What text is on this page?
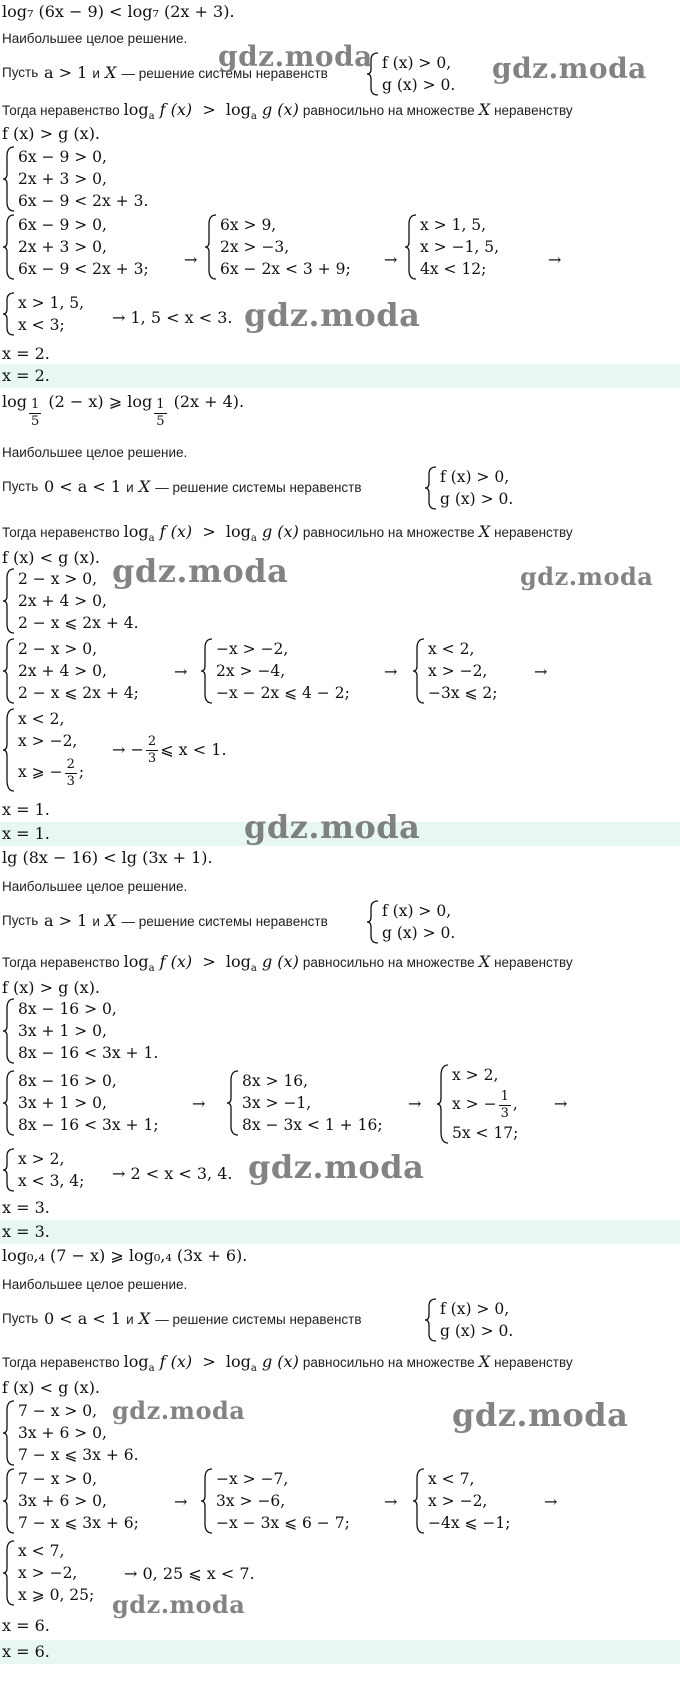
log₇ (6x − 9) < log₇ (2x + 3).
Наибольшее целое решение.
Пусть a > 1 и X — решение системы неравенств
f (x) > 0,
g (x) > 0.
Тогда неравенство $\log_a f$ $(x) > \log_a g$ (x) равносильно на множестве X неравенству
f (x) > g (x).
6x − 9 > 0,
2x + 3 > 0,
6x − 9 < 2x + 3.
6x − 9 > 0,
2x + 3 > 0,
6x − 9 < 2x + 3; →
6x > 9,
2x > −3,
6x − 2x < 3 + 9; →
x > 1, 5,
x > −1, 5,
4x < 12;	→
x > 1, 5,
x < 3;	→ 1, 5 < x < 3.
x = 2.
x = 2.
$\log \frac{1}{5} (2 - x)$ ⩾ $\log \frac{1}{5} (2x + 4)$.
Наибольшее целое решение.
Пусть 0 < a < 1 и X — решение системы неравенств
f (x) > 0,
g (x) > 0.
Тогда неравенство $\log_a f$ $(x) > \log_a g$ (x) равносильно на множестве X неравенству
f (x) < g (x).
2 − x > 0,
2x + 4 > 0,
2 − x ⩽ 2x + 4.
2 − x > 0,
2x + 4 > 0,
2 − x ⩽ 2x + 4;
→
−x > −2,
2x > −4,
−x − 2x ⩽ 4 − 2;
→
x < 2,
x > −2,
−3x ⩽ 2;
→
x < 2,
x > −2,
x ⩾ − $\frac{2}{3}$ ;
→ − $\frac{2}{3}$ ⩽ x < 1.
x = 1.
x = 1.
lg (8x − 16) < lg (3x + 1).
Наибольшее целое решение.
Пусть a > 1 и X — решение системы неравенств
f (x) > 0,
g (x) > 0.
Тогда неравенство $\log_a f$ $(x) > \log_a g$ (x) равносильно на множестве X неравенству
f (x) > g (x).
8x − 16 > 0,
3x + 1 > 0,
8x − 16 < 3x + 1.
8x − 16 > 0,
3x + 1 > 0,
8x − 16 < 3x + 1;
→
8x > 16,
3x > −1,
8x − 3x < 1 + 16;
→
x > 2,
x > − $\frac{1}{3}$ ,
5x < 17;
→
x > 2,
x < 3, 4; → 2 < x < 3, 4.
x = 3.
x = 3.
log₀,₄ (7 − x) ⩾ log₀,₄ (3x + 6).
Наибольшее целое решение.
Пусть 0 < a < 1 и X — решение системы неравенств
f (x) > 0,
g (x) > 0.
Тогда неравенство $\log_a f$ $(x) > \log_a g$ (x) равносильно на множестве X неравенству
f (x) < g (x).
7 − x > 0,
3x + 6 > 0,
7 − x ⩽ 3x + 6.
7 − x > 0,
3x + 6 > 0,
7 − x ⩽ 3x + 6;
→
−x > −7,
3x > −6,
−x − 3x ⩽ 6 − 7;
→
x < 7,
x > −2,
−4x ⩽ −1;
→
x < 7,
x > −2,
x ⩾ 0, 25;
→ 0, 25 ⩽ x < 7.
x = 6.
x = 6.
gdz.moda	gdz.moda
gdz.moda
gdz.moda	gdz.moda
gdz.moda
gdz.moda
gdz.moda	gdz.moda
gdz.moda
